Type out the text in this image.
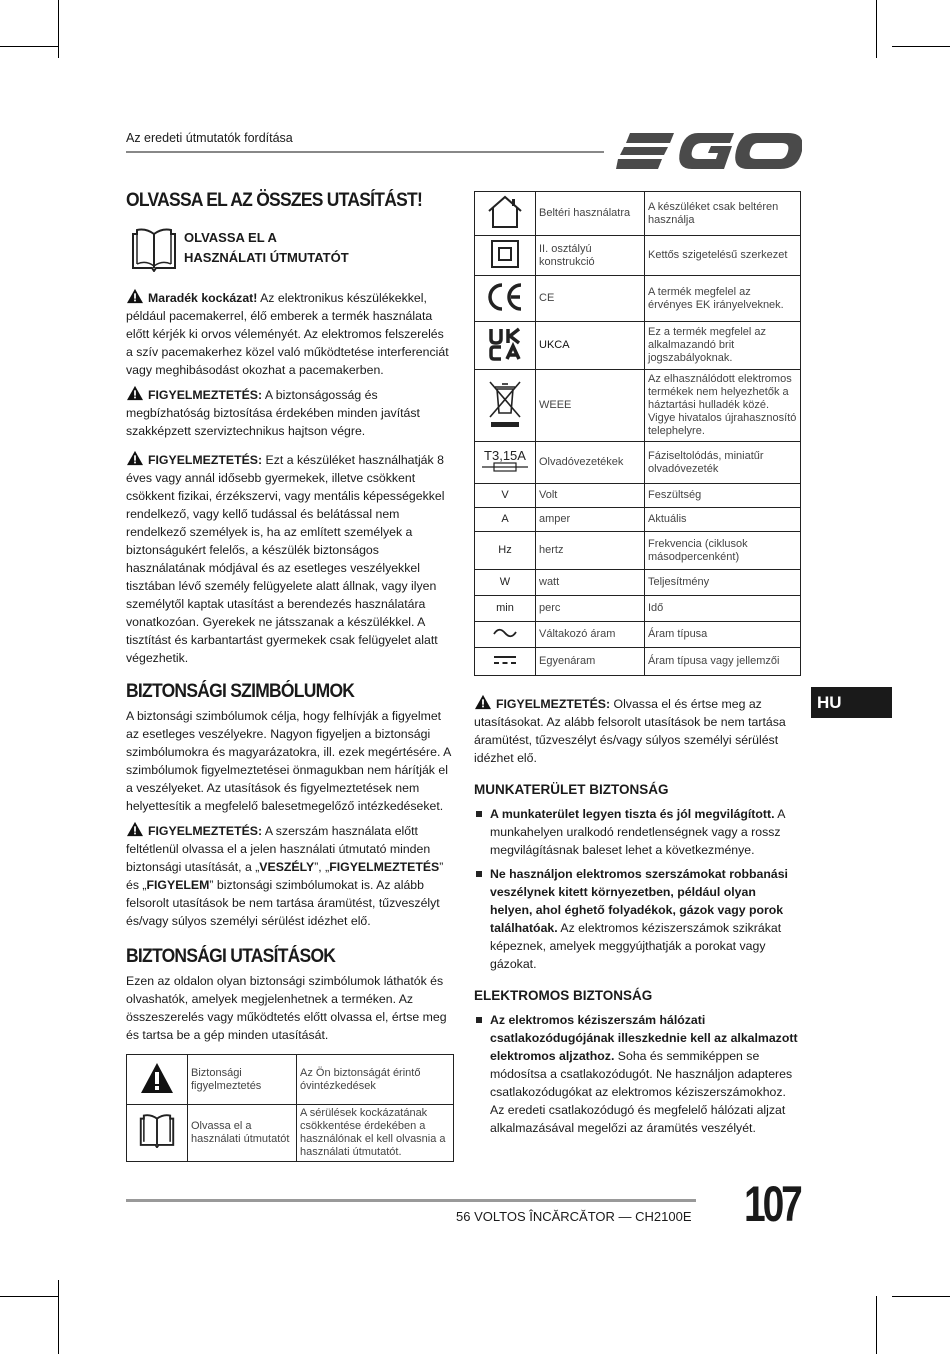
Az eredeti útmutatók fordítása
OLVASSA EL AZ ÖSSZES UTASÍTÁST!
OLVASSA EL A
HASZNÁLATI ÚTMUTATÓT

Maradék kockázat! Az elektronikus készülékekkel, például pacemakerrel, élő emberek a termék használata előtt kérjék ki orvos véleményét. Az elektromos felszerelés a szív pacemakerhez közel való működtetése interferenciát vagy meghibásodást okozhat a pacemakerben.

FIGYELMEZTETÉS: A biztonságosság és megbízhatóság biztosítása érdekében minden javítást szakképzett szerviztechnikus hajtson végre.

FIGYELMEZTETÉS: Ezt a készüléket használhatják 8 éves vagy annál idősebb gyermekek, illetve csökkent csökkent fizikai, érzékszervi, vagy mentális képességekkel rendelkező, vagy kellő tudással és belátással nem rendelkező személyek is, ha az említett személyek a biztonságukért felelős, a készülék biztonságos használatának módjával és az esetleges veszélyekkel tisztában lévő személy felügyelete alatt állnak, vagy ilyen személytől kaptak utasítást a berendezés használatára vonatkozóan. Gyerekek ne játsszanak a készülékkel. A tisztítást és karbantartást gyermekek csak felügyelet alatt végezhetik.

BIZTONSÁGI SZIMBÓLUMOK

A biztonsági szimbólumok célja, hogy felhívják a figyelmet az esetleges veszélyekre. Nagyon figyeljen a biztonsági szimbólumokra és magyarázatokra, ill. ezek megértésére. A szimbólumok figyelmeztetései önmagukban nem hárítják el a veszélyeket. Az utasítások és figyelmeztetések nem helyettesítik a megfelelő balesetmegelőző intézkedéseket.

FIGYELMEZTETÉS: A szerszám használata előtt feltétlenül olvassa el a jelen használati útmutató minden biztonsági utasítását, a „VESZÉLY”, „FIGYELMEZTETÉS” és „FIGYELEM” biztonsági szimbólumokat is. Az alább felsorolt utasítások be nem tartása áramütést, tűzveszélyt és/vagy súlyos személyi sérülést idézhet elő.

BIZTONSÁGI UTASÍTÁSOK

Ezen az oldalon olyan biztonsági szimbólumok láthatók és olvashatók, amelyek megjelenhetnek a terméken. Az összeszerelés vagy működtetés előtt olvassa el, értse meg és tartsa be a gép minden utasítását.

	Biztonsági figyelmeztetés	Az Ön biztonságát érintő óvintézkedések
	Olvassa el a használati útmutatót	A sérülések kockázatának csökkentése érdekében a használónak el kell olvasnia a használati útmutatót.
	Beltéri használatra	A készüléket csak beltéren használja
	II. osztályú konstrukció	Kettős szigetelésű szerkezet
	CE	A termék megfelel az érvényes EK irányelveknek.
	UKCA	Ez a termék megfelel az alkalmazandó brit jogszabályoknak.
	WEEE	Az elhasználódott elektromos termékek nem helyezhetők a háztartási hulladék közé. Vigye hivatalos újrahasznosító telephelyre.

T3,15A	Olvadóvezetékek	Fáziseltolódás, miniatűr olvadóvezeték
V	Volt	Feszültség
A	amper	Aktuális
Hz	hertz	Frekvencia (ciklusok másodpercenként)
W	watt	Teljesítmény
min	perc	Idő
	Váltakozó áram	Áram típusa
	Egyenáram	Áram típusa vagy jellemzői

FIGYELMEZTETÉS: Olvassa el és értse meg az utasításokat. Az alább felsorolt utasítások be nem tartása áramütést, tűzveszélyt és/vagy súlyos személyi sérülést idézhet elő.

MUNKATERÜLET BIZTONSÁG
A munkaterület legyen tiszta és jól megvilágított. A munkahelyen uralkodó rendetlenségnek vagy a rossz megvilágításnak baleset lehet a következménye.
Ne használjon elektromos szerszámokat robbanási veszélynek kitett környezetben, például olyan helyen, ahol éghető folyadékok, gázok vagy porok találhatóak. Az elektromos kéziszerszámok szikrákat képeznek, amelyek meggyújthatják a porokat vagy gázokat.
ELEKTROMOS BIZTONSÁG
Az elektromos kéziszerszám hálózati csatlakozódugójának illeszkednie kell az alkalmazott elektromos aljzathoz. Soha és semmiképpen se módosítsa a csatlakozódugót. Ne használjon adapteres csatlakozódugókat az elektromos kéziszerszámokhoz. Az eredeti csatlakozódugó és megfelelő hálózati aljzat alkalmazásával megelőzi az áramütés veszélyét.
HU
56 VOLTOS ÎNCĂRCĂTOR — CH2100E 107
